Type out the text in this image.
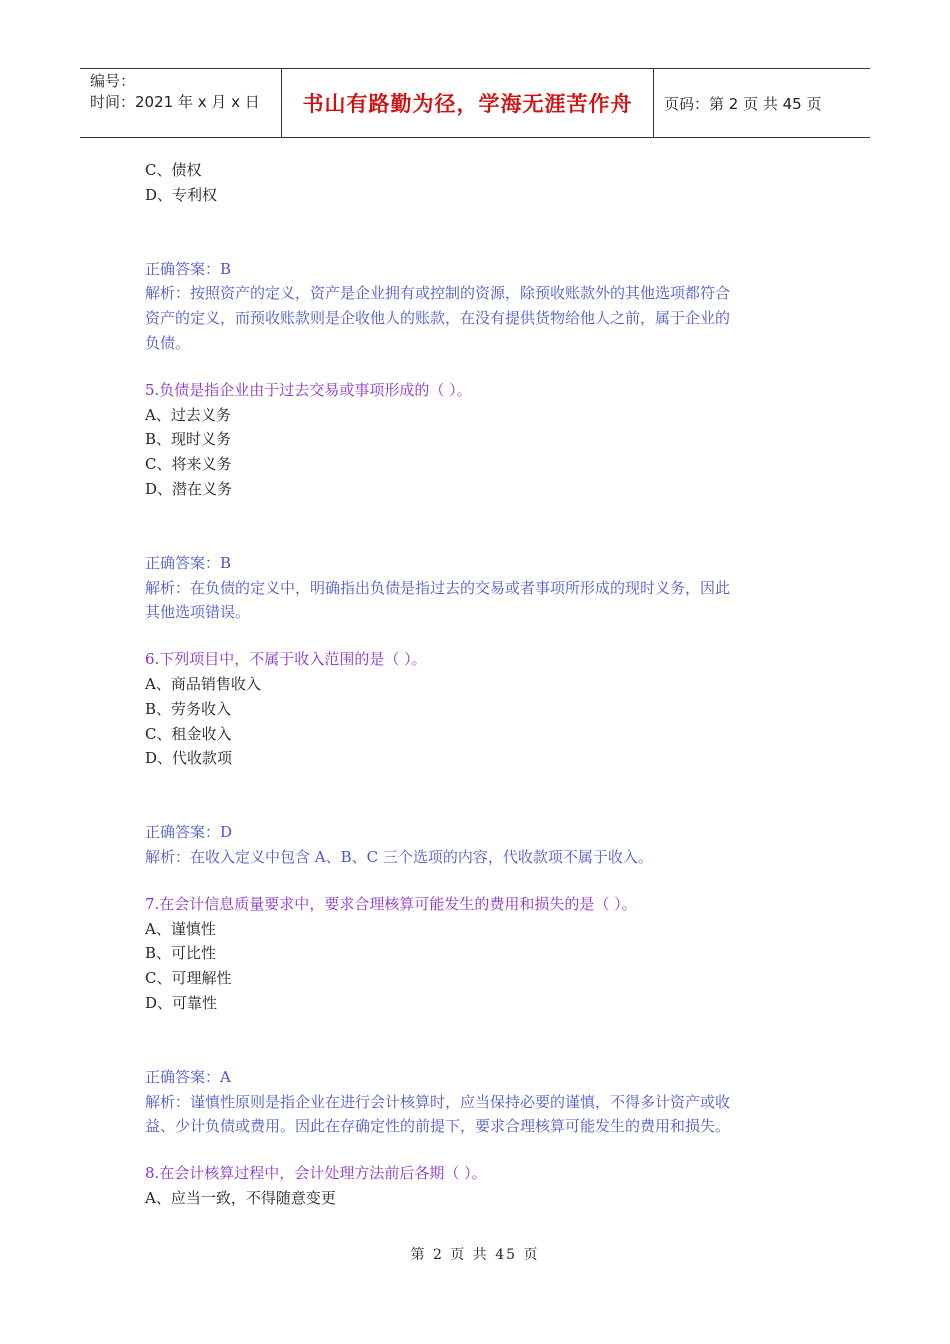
编号：
时间：2021 年 x 月 x 日	书山有路勤为径，学海无涯苦作舟	页码：第 2 页 共 45 页
C、债权
D、专利权
正确答案：B
解析：按照资产的定义，资产是企业拥有或控制的资源，除预收账款外的其他选项都符合
资产的定义，而预收账款则是企收他人的账款，在没有提供货物给他人之前，属于企业的
负债。
5.负债是指企业由于过去交易或事项形成的（ ）。
A、过去义务
B、现时义务
C、将来义务
D、潜在义务
正确答案：B
解析：在负债的定义中，明确指出负债是指过去的交易或者事项所形成的现时义务，因此
其他选项错误。
6.下列项目中，不属于收入范围的是（ ）。
A、商品销售收入
B、劳务收入
C、租金收入
D、代收款项
正确答案：D
解析：在收入定义中包含 A、B、C 三个选项的内容，代收款项不属于收入。
7.在会计信息质量要求中，要求合理核算可能发生的费用和损失的是（ ）。
A、谨慎性
B、可比性
C、可理解性
D、可靠性
正确答案：A
解析：谨慎性原则是指企业在进行会计核算时，应当保持必要的谨慎，不得多计资产或收
益、少计负债或费用。因此在存确定性的前提下，要求合理核算可能发生的费用和损失。
8.在会计核算过程中，会计处理方法前后各期（ ）。
A、应当一致，不得随意变更
第 2 页 共 45 页
